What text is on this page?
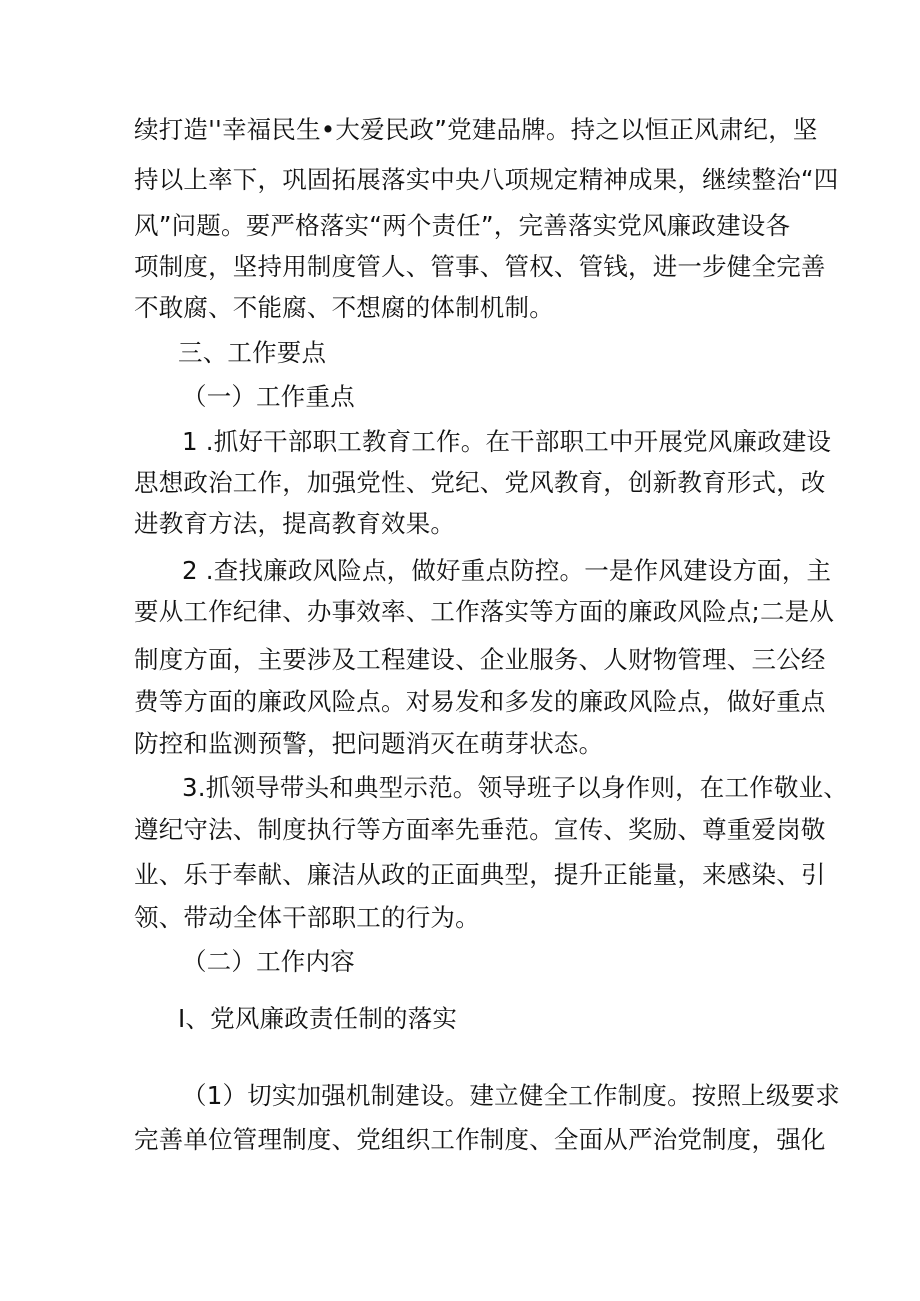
续打造''幸福民生•大爱民政”党建品牌。持之以恒正风肃纪，坚
持以上率下，巩固拓展落实中央八项规定精神成果，继续整治“四
风”问题。要严格落实“两个责任”，完善落实党风廉政建设各
项制度，坚持用制度管人、管事、管权、管钱，进一步健全完善
不敢腐、不能腐、不想腐的体制机制。
三、工作要点
（一）工作重点
1 .抓好干部职工教育工作。在干部职工中开展党风廉政建设
思想政治工作，加强党性、党纪、党风教育，创新教育形式，改
进教育方法，提高教育效果。
2 .查找廉政风险点，做好重点防控。一是作风建设方面，主
要从工作纪律、办事效率、工作落实等方面的廉政风险点;二是从
制度方面，主要涉及工程建设、企业服务、人财物管理、三公经
费等方面的廉政风险点。对易发和多发的廉政风险点，做好重点
防控和监测预警，把问题消灭在萌芽状态。
3.抓领导带头和典型示范。领导班子以身作则，在工作敬业、
遵纪守法、制度执行等方面率先垂范。宣传、奖励、尊重爱岗敬
业、乐于奉献、廉洁从政的正面典型，提升正能量，来感染、引
领、带动全体干部职工的行为。
（二）工作内容
I、党风廉政责任制的落实
（1）切实加强机制建设。建立健全工作制度。按照上级要求
完善单位管理制度、党组织工作制度、全面从严治党制度，强化
